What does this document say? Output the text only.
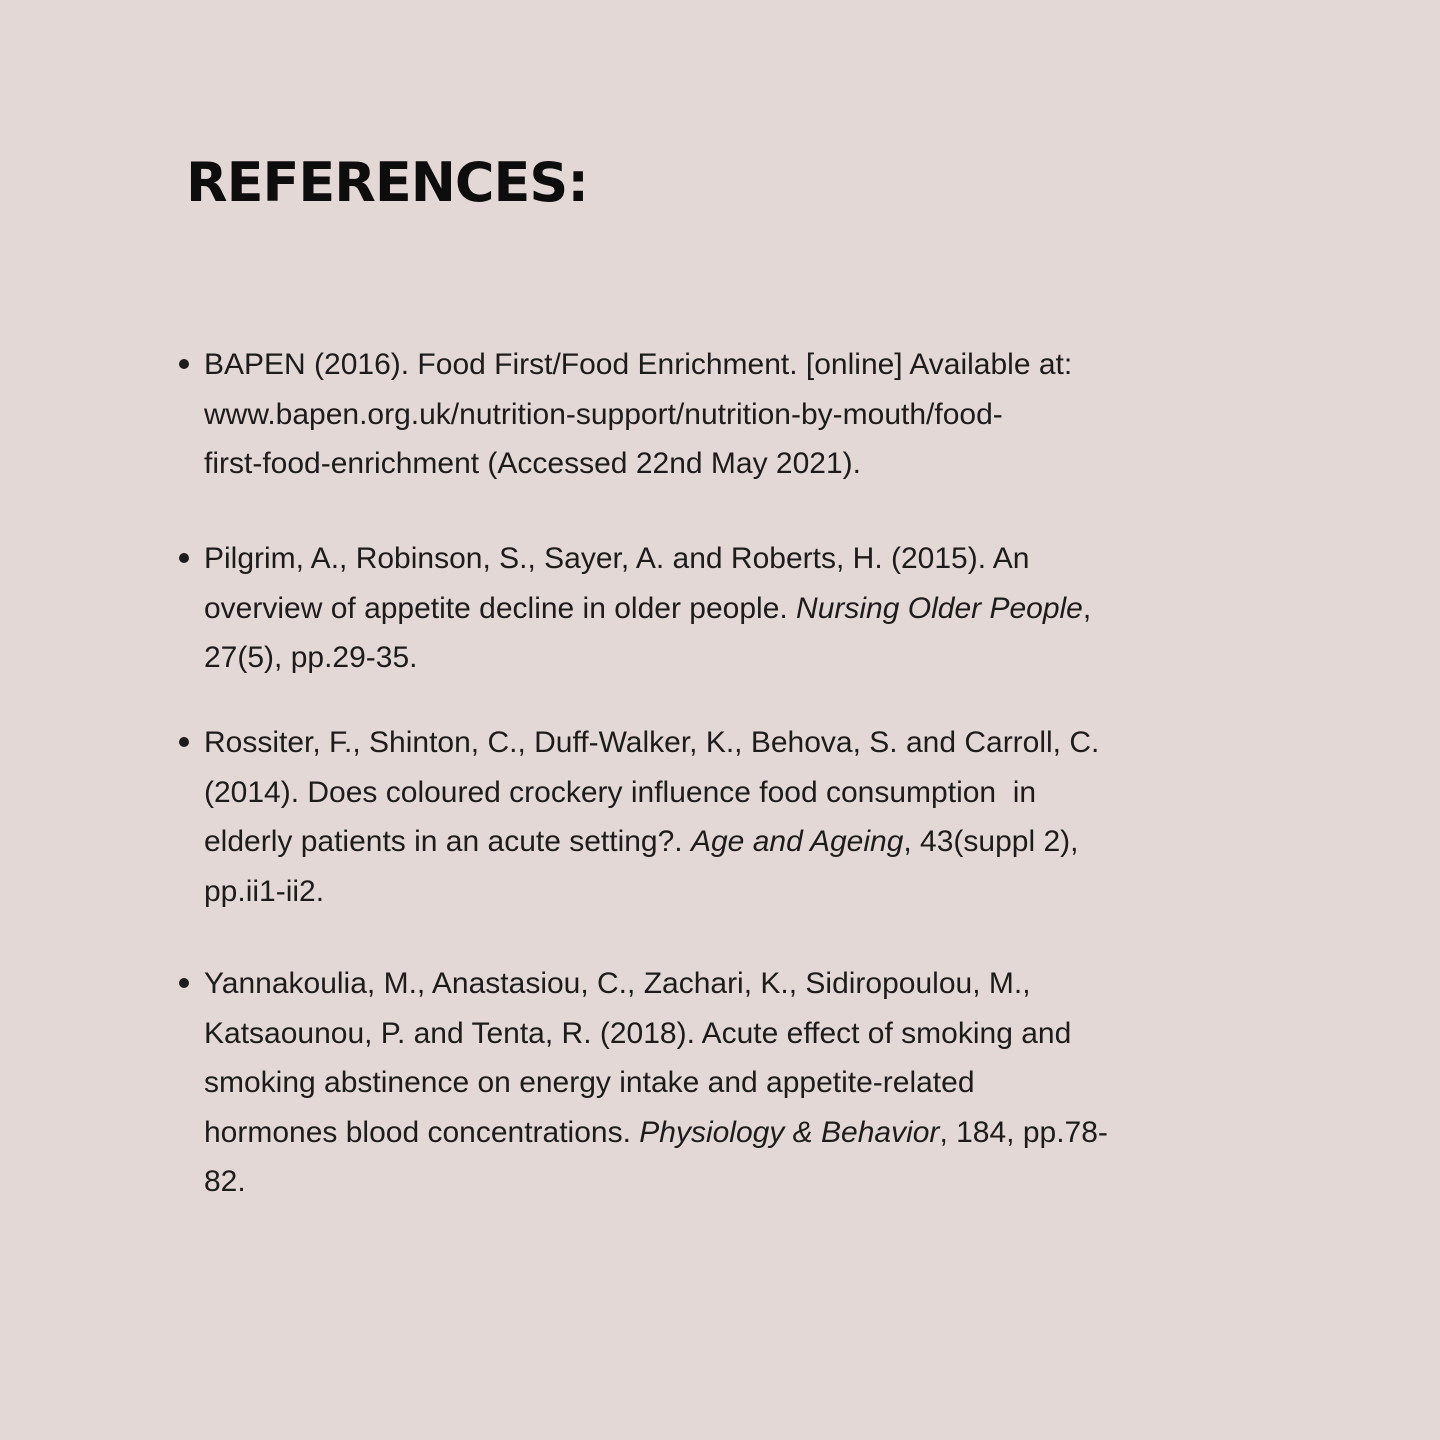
REFERENCES:
BAPEN (2016). Food First/Food Enrichment. [online] Available at:
www.bapen.org.uk/nutrition-support/nutrition-by-mouth/food-
first-food-enrichment (Accessed 22nd May 2021).
Pilgrim, A., Robinson, S., Sayer, A. and Roberts, H. (2015). An
overview of appetite decline in older people. Nursing Older People,
27(5), pp.29-35.
Rossiter, F., Shinton, C., Duff-Walker, K., Behova, S. and Carroll, C.
(2014). Does coloured crockery influence food consumption  in
elderly patients in an acute setting?. Age and Ageing, 43(suppl 2),
pp.ii1-ii2.
Yannakoulia, M., Anastasiou, C., Zachari, K., Sidiropoulou, M.,
Katsaounou, P. and Tenta, R. (2018). Acute effect of smoking and
smoking abstinence on energy intake and appetite-related
hormones blood concentrations. Physiology & Behavior, 184, pp.78-
82.
